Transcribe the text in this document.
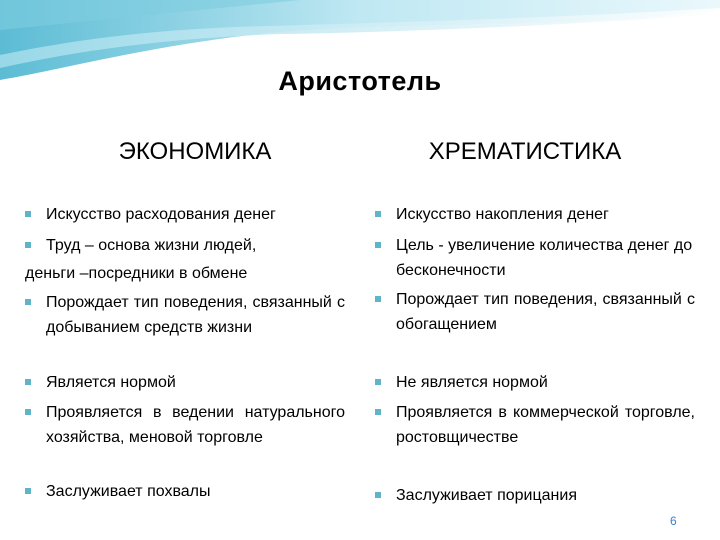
Аристотель
ЭКОНОМИКА	ХРЕМАТИСТИКА
Искусство расходования денег
Труд – основа жизни людей,
деньги –посредники в обмене
Порождает тип поведения, связанный с добыванием средств жизни
Является нормой
Проявляется в ведении натурального хозяйства, меновой торговле
Заслуживает похвалы
Искусство накопления денег
Цель - увеличение количества денег до бесконечности
Порождает тип поведения, связанный с обогащением
Не является нормой
Проявляется в коммерческой торговле, ростовщичестве
Заслуживает порицания
6
